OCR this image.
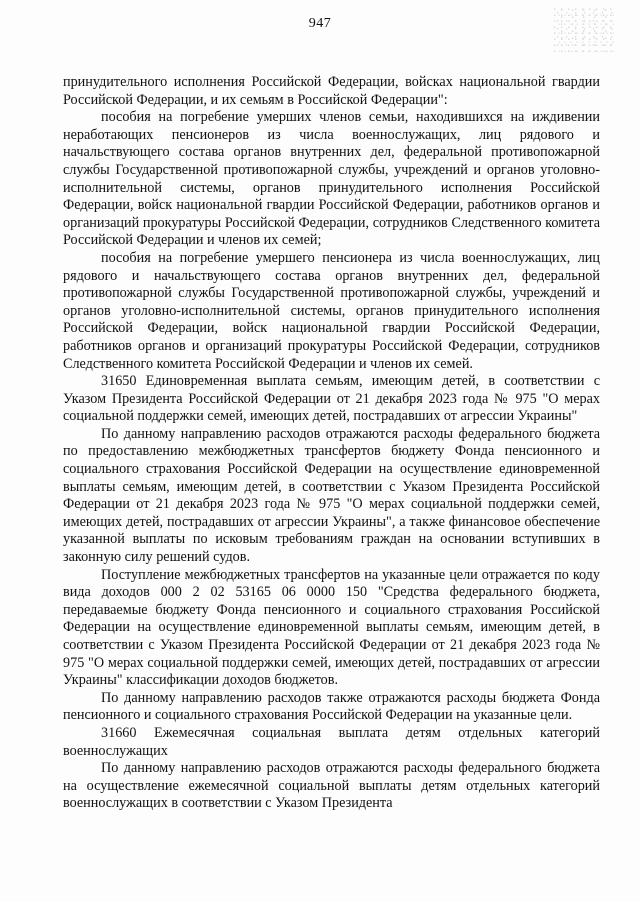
947

принудительного исполнения Российской Федерации, войсках национальной гвардии Российской Федерации, и их семьям в Российской Федерации":

пособия на погребение умерших членов семьи, находившихся на иждивении неработающих пенсионеров из числа военнослужащих, лиц рядового и начальствующего состава органов внутренних дел, федеральной противопожарной службы Государственной противопожарной службы, учреждений и органов уголовно-исполнительной системы, органов принудительного исполнения Российской Федерации, войск национальной гвардии Российской Федерации, работников органов и организаций прокуратуры Российской Федерации, сотрудников Следственного комитета Российской Федерации и членов их семей;

пособия на погребение умершего пенсионера из числа военнослужащих, лиц рядового и начальствующего состава органов внутренних дел, федеральной противопожарной службы Государственной противопожарной службы, учреждений и органов уголовно-исполнительной системы, органов принудительного исполнения Российской Федерации, войск национальной гвардии Российской Федерации, работников органов и организаций прокуратуры Российской Федерации, сотрудников Следственного комитета Российской Федерации и членов их семей.

31650 Единовременная выплата семьям, имеющим детей, в соответствии с Указом Президента Российской Федерации от 21 декабря 2023 года № 975 "О мерах социальной поддержки семей, имеющих детей, пострадавших от агрессии Украины"

По данному направлению расходов отражаются расходы федерального бюджета по предоставлению межбюджетных трансфертов бюджету Фонда пенсионного и социального страхования Российской Федерации на осуществление единовременной выплаты семьям, имеющим детей, в соответствии с Указом Президента Российской Федерации от 21 декабря 2023 года № 975 "О мерах социальной поддержки семей, имеющих детей, пострадавших от агрессии Украины", а также финансовое обеспечение указанной выплаты по исковым требованиям граждан на основании вступивших в законную силу решений судов.

Поступление межбюджетных трансфертов на указанные цели отражается по коду вида доходов 000 2 02 53165 06 0000 150 "Средства федерального бюджета, передаваемые бюджету Фонда пенсионного и социального страхования Российской Федерации на осуществление единовременной выплаты семьям, имеющим детей, в соответствии с Указом Президента Российской Федерации от 21 декабря 2023 года № 975 "О мерах социальной поддержки семей, имеющих детей, пострадавших от агрессии Украины" классификации доходов бюджетов.

По данному направлению расходов также отражаются расходы бюджета Фонда пенсионного и социального страхования Российской Федерации на указанные цели.

31660 Ежемесячная социальная выплата детям отдельных категорий военнослужащих

По данному направлению расходов отражаются расходы федерального бюджета на осуществление ежемесячной социальной выплаты детям отдельных категорий военнослужащих в соответствии с Указом Президента
